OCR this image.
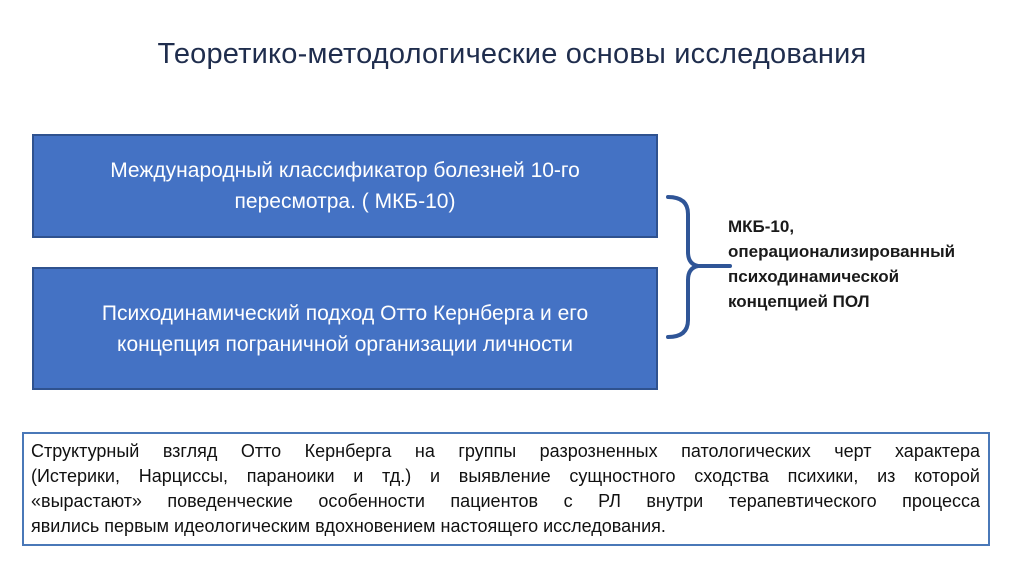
Теоретико-методологические основы исследования
Международный классификатор болезней 10-го
пересмотра. ( МКБ-10)
Психодинамический подход Отто Кернберга и его
концепция пограничной организации личности
МКБ-10,
операционализированный
психодинамической
концепцией ПОЛ
Структурный взгляд Отто Кернберга на группы разрозненных патологических черт характера
(Истерики, Нарциссы, параноики и тд.) и выявление сущностного сходства психики, из которой
«вырастают» поведенческие особенности пациентов с РЛ внутри терапевтического процесса
явились первым идеологическим вдохновением настоящего исследования.
